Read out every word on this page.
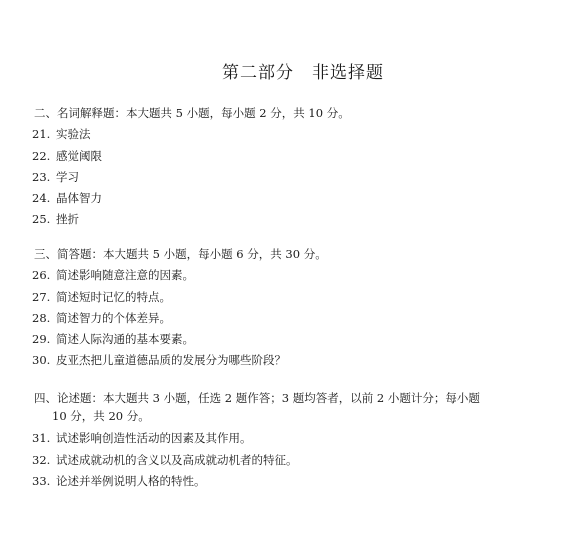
第二部分 非选择题
二、名词解释题：本大题共 5 小题，每小题 2 分，共 10 分。
21. 实验法
22. 感觉阈限
23. 学习
24. 晶体智力
25. 挫折
三、简答题：本大题共 5 小题，每小题 6 分，共 30 分。
26. 简述影响随意注意的因素。
27. 简述短时记忆的特点。
28. 简述智力的个体差异。
29. 简述人际沟通的基本要素。
30. 皮亚杰把儿童道德品质的发展分为哪些阶段？
四、论述题：本大题共 3 小题，任选 2 题作答；3 题均答者，以前 2 小题计分；每小题
10 分，共 20 分。
31. 试述影响创造性活动的因素及其作用。
32. 试述成就动机的含义以及高成就动机者的特征。
33. 论述并举例说明人格的特性。
